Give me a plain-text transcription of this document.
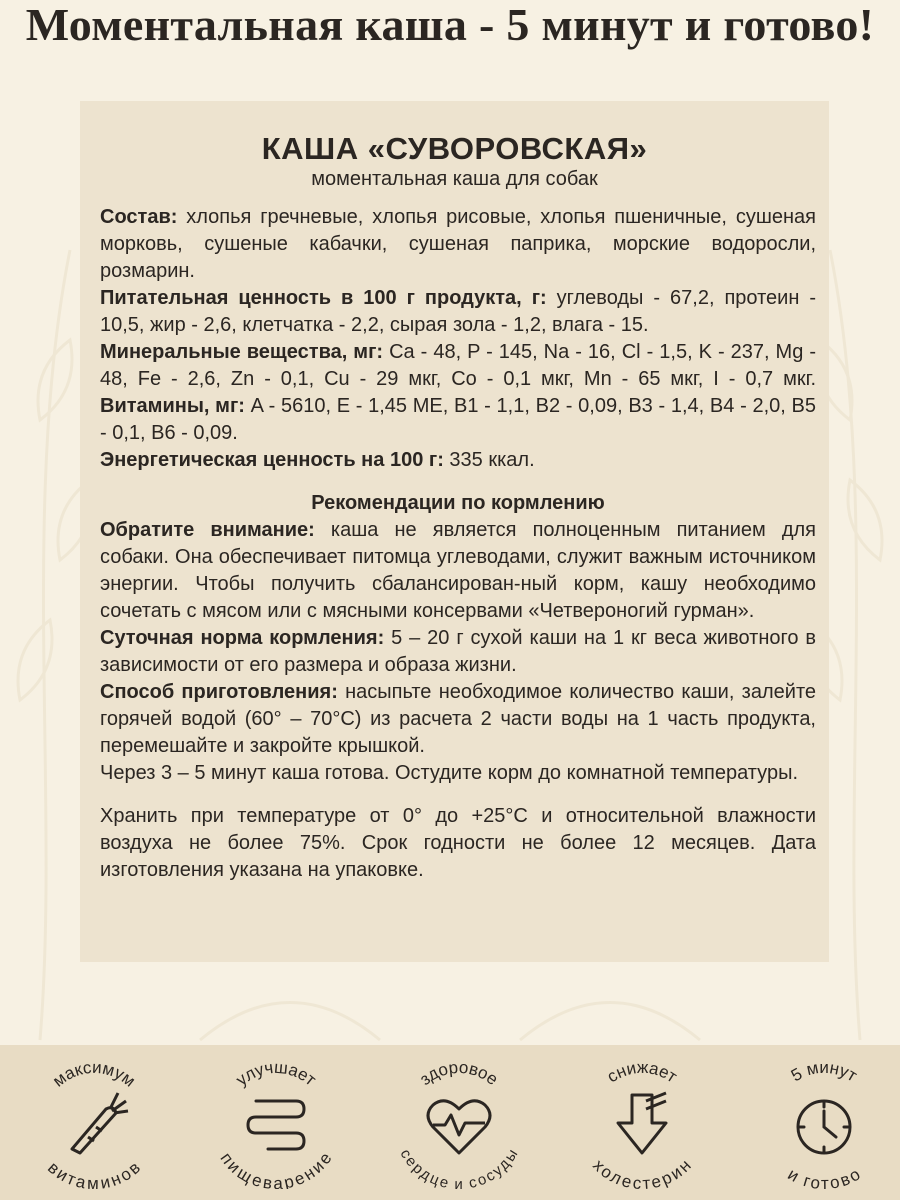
Моментальная каша - 5 минут и готово!
КАША «СУВОРОВСКАЯ»
моментальная каша для собак

Состав: хлопья гречневые, хлопья рисовые, хлопья пшеничные, сушеная морковь, сушеные кабачки, сушеная паприка, морские водоросли, розмарин.

Питательная ценность в 100 г продукта, г: углеводы - 67,2, протеин - 10,5, жир - 2,6, клетчатка - 2,2, сырая зола - 1,2, влага - 15.

Минеральные вещества, мг: Ca - 48, P - 145, Na - 16, Cl - 1,5, K - 237, Mg - 48, Fe - 2,6, Zn - 0,1, Cu - 29 мкг, Co - 0,1 мкг, Mn - 65 мкг, I - 0,7 мкг. Витамины, мг: A - 5610, E - 1,45 МЕ, B1 - 1,1, B2 - 0,09, B3 - 1,4, B4 - 2,0, B5 - 0,1, B6 - 0,09.

Энергетическая ценность на 100 г: 335 ккал.

Рекомендации по кормлению

Обратите внимание: каша не является полноценным питанием для собаки. Она обеспечивает питомца углеводами, служит важным источником энергии. Чтобы получить сбалансирован-ный корм, кашу необходимо сочетать с мясом или с мясными консервами «Четвероногий гурман».

Суточная норма кормления: 5 – 20 г сухой каши на 1 кг веса животного в зависимости от его размера и образа жизни.

Способ приготовления: насыпьте необходимое количество каши, залейте горячей водой (60° – 70°C) из расчета 2 части воды на 1 часть продукта, перемешайте и закройте крышкой.

Через 3 – 5 минут каша готова. Остудите корм до комнатной температуры.

Хранить при температуре от 0° до +25°C и относительной влажности воздуха не более 75%. Срок годности не более 12 месяцев. Дата изготовления указана на упаковке.

максимум
витаминов
улучшает
пищеварение
здоровое
сердце и сосуды
снижает
холестерин
5 минут
и готово
